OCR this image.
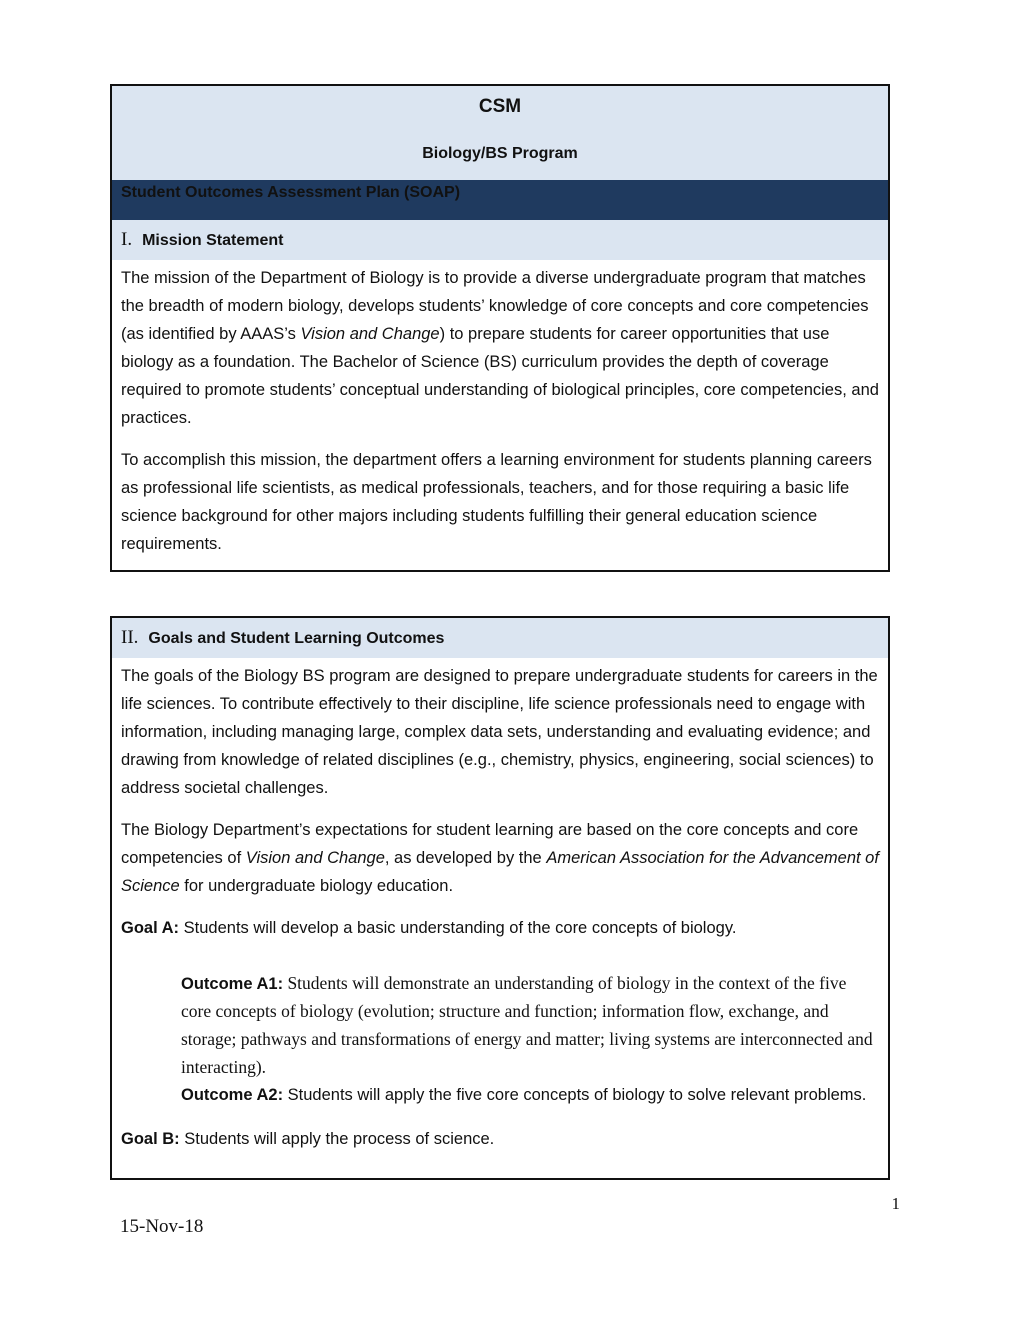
CSM
Biology/BS Program
Student Outcomes Assessment Plan (SOAP)
I. Mission Statement

The mission of the Department of Biology is to provide a diverse undergraduate program that matches the breadth of modern biology, develops students’ knowledge of core concepts and core competencies (as identified by AAAS’s Vision and Change) to prepare students for career opportunities that use biology as a foundation. The Bachelor of Science (BS) curriculum provides the depth of coverage required to promote students’ conceptual understanding of biological principles, core competencies, and practices.

To accomplish this mission, the department offers a learning environment for students planning careers as professional life scientists, as medical professionals, teachers, and for those requiring a basic life science background for other majors including students fulfilling their general education science requirements.

II. Goals and Student Learning Outcomes

The goals of the Biology BS program are designed to prepare undergraduate students for careers in the life sciences. To contribute effectively to their discipline, life science professionals need to engage with information, including managing large, complex data sets, understanding and evaluating evidence; and drawing from knowledge of related disciplines (e.g., chemistry, physics, engineering, social sciences) to address societal challenges.

The Biology Department’s expectations for student learning are based on the core concepts and core competencies of Vision and Change, as developed by the American Association for the Advancement of Science for undergraduate biology education.

Goal A: Students will develop a basic understanding of the core concepts of biology.

Outcome A1: Students will demonstrate an understanding of biology in the context of the five core concepts of biology (evolution; structure and function; information flow, exchange, and storage; pathways and transformations of energy and matter; living systems are interconnected and interacting).

Outcome A2: Students will apply the five core concepts of biology to solve relevant problems.

Goal B: Students will apply the process of science.

1
15-Nov-18
